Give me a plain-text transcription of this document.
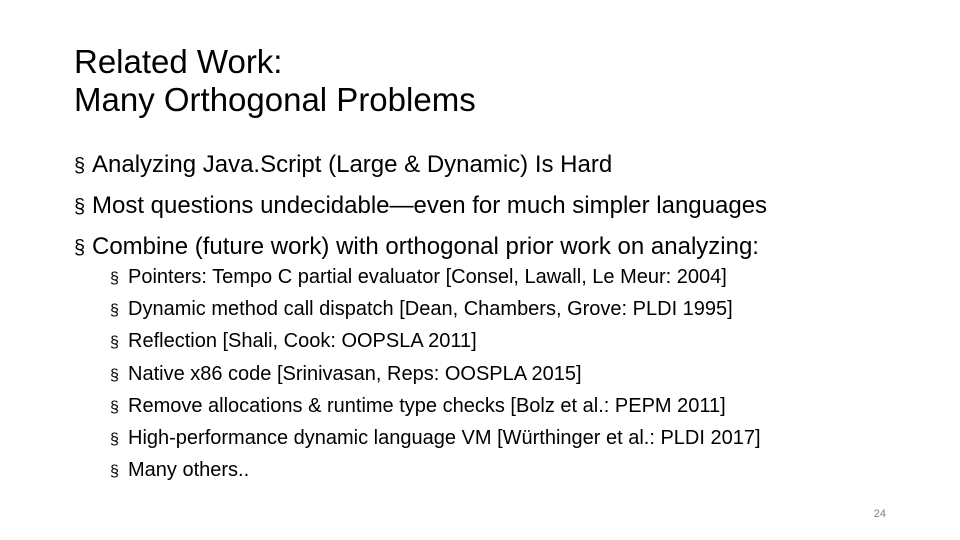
Related Work:
Many Orthogonal Problems
§ Analyzing Java.Script (Large & Dynamic) Is Hard
§ Most questions undecidable—even for much simpler languages
§ Combine (future work) with orthogonal prior work on analyzing:
§ Pointers: Tempo C partial evaluator [Consel, Lawall, Le Meur: 2004]
§ Dynamic method call dispatch [Dean, Chambers, Grove: PLDI 1995]
§ Reflection [Shali, Cook: OOPSLA 2011]
§ Native x86 code [Srinivasan, Reps: OOSPLA 2015]
§ Remove allocations & runtime type checks [Bolz et al.: PEPM 2011]
§ High-performance dynamic language VM [Würthinger et al.: PLDI 2017]
§ Many others..
24
